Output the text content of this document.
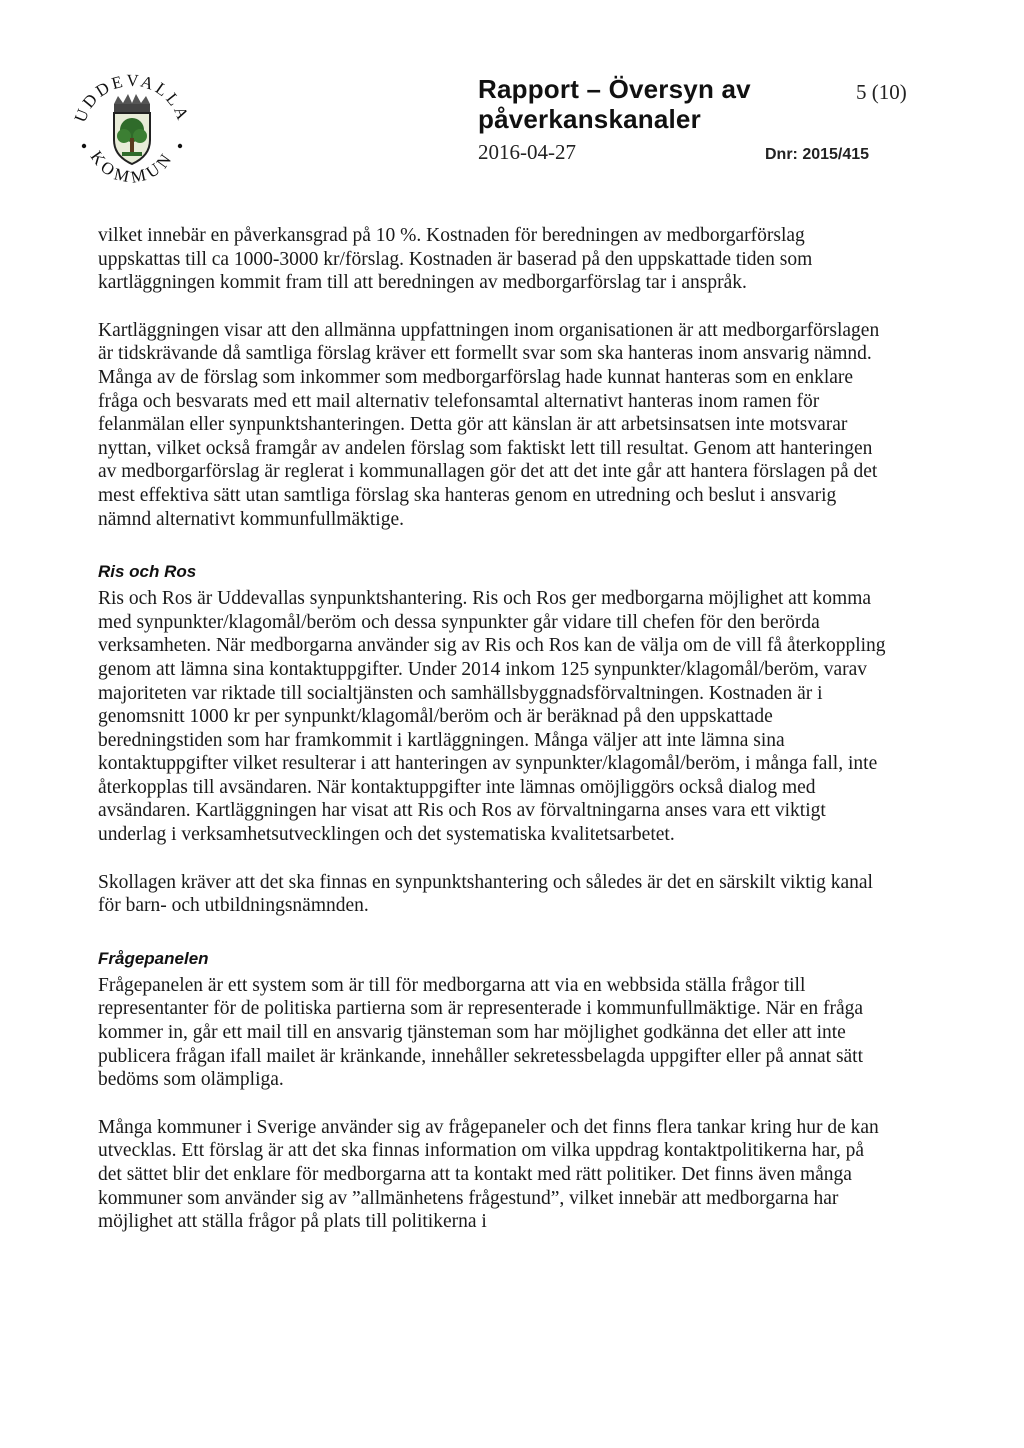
UDDEVALLA
KOMMUN
Rapport – Översyn av
påverkanskanaler
2016-04-27
5 (10)
Dnr: 2015/415

vilket innebär en påverkansgrad på 10 %. Kostnaden för beredningen av medborgarförslag uppskattas till ca 1000-3000 kr/förslag. Kostnaden är baserad på den uppskattade tiden som kartläggningen kommit fram till att beredningen av medborgarförslag tar i anspråk.

Kartläggningen visar att den allmänna uppfattningen inom organisationen är att medborgarförslagen är tidskrävande då samtliga förslag kräver ett formellt svar som ska hanteras inom ansvarig nämnd. Många av de förslag som inkommer som medborgarförslag hade kunnat hanteras som en enklare fråga och besvarats med ett mail alternativ telefonsamtal alternativt hanteras inom ramen för felanmälan eller synpunktshanteringen. Detta gör att känslan är att arbetsinsatsen inte motsvarar nyttan, vilket också framgår av andelen förslag som faktiskt lett till resultat. Genom att hanteringen av medborgarförslag är reglerat i kommunallagen gör det att det inte går att hantera förslagen på det mest effektiva sätt utan samtliga förslag ska hanteras genom en utredning och beslut i ansvarig nämnd alternativt kommunfullmäktige.

Ris och Ros

Ris och Ros är Uddevallas synpunktshantering. Ris och Ros ger medborgarna möjlighet att komma med synpunkter/klagomål/beröm och dessa synpunkter går vidare till chefen för den berörda verksamheten. När medborgarna använder sig av Ris och Ros kan de välja om de vill få återkoppling genom att lämna sina kontaktuppgifter. Under 2014 inkom 125 synpunkter/klagomål/beröm, varav majoriteten var riktade till socialtjänsten och samhällsbyggnadsförvaltningen. Kostnaden är i genomsnitt 1000 kr per synpunkt/klagomål/beröm och är beräknad på den uppskattade beredningstiden som har framkommit i kartläggningen. Många väljer att inte lämna sina kontaktuppgifter vilket resulterar i att hanteringen av synpunkter/klagomål/beröm, i många fall, inte återkopplas till avsändaren. När kontaktuppgifter inte lämnas omöjliggörs också dialog med avsändaren. Kartläggningen har visat att Ris och Ros av förvaltningarna anses vara ett viktigt underlag i verksamhetsutvecklingen och det systematiska kvalitetsarbetet.

Skollagen kräver att det ska finnas en synpunktshantering och således är det en särskilt viktig kanal för barn- och utbildningsnämnden.

Frågepanelen

Frågepanelen är ett system som är till för medborgarna att via en webbsida ställa frågor till representanter för de politiska partierna som är representerade i kommunfullmäktige. När en fråga kommer in, går ett mail till en ansvarig tjänsteman som har möjlighet godkänna det eller att inte publicera frågan ifall mailet är kränkande, innehåller sekretessbelagda uppgifter eller på annat sätt bedöms som olämpliga.

Många kommuner i Sverige använder sig av frågepaneler och det finns flera tankar kring hur de kan utvecklas. Ett förslag är att det ska finnas information om vilka uppdrag kontaktpolitikerna har, på det sättet blir det enklare för medborgarna att ta kontakt med rätt politiker. Det finns även många kommuner som använder sig av ”allmänhetens frågestund”, vilket innebär att medborgarna har möjlighet att ställa frågor på plats till politikerna i
